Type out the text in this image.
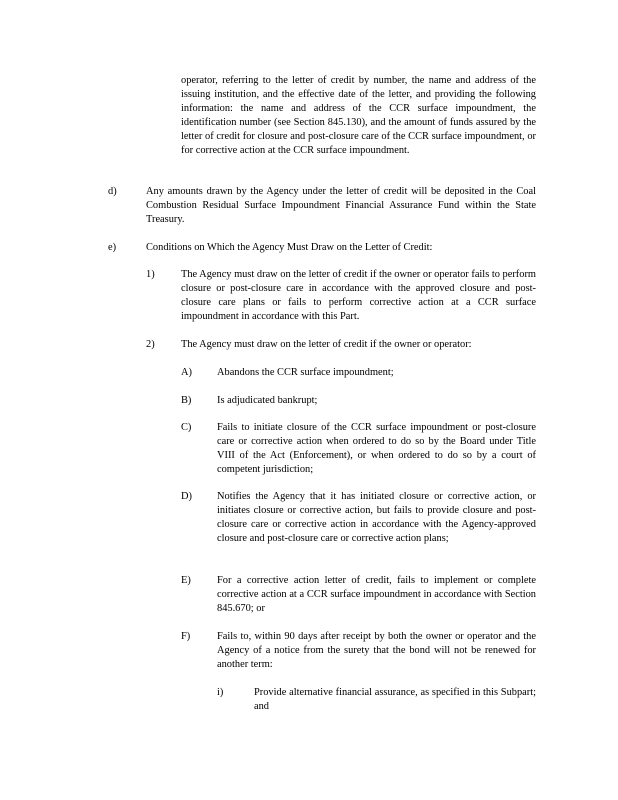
operator, referring to the letter of credit by number, the name and address of the issuing institution, and the effective date of the letter, and providing the following information: the name and address of the CCR surface impoundment, the identification number (see Section 845.130), and the amount of funds assured by the letter of credit for closure and post-closure care of the CCR surface impoundment, or for corrective action at the CCR surface impoundment.

d)	Any amounts drawn by the Agency under the letter of credit will be deposited in the Coal Combustion Residual Surface Impoundment Financial Assurance Fund within the State Treasury.

e)	Conditions on Which the Agency Must Draw on the Letter of Credit:

1)	The Agency must draw on the letter of credit if the owner or operator fails to perform closure or post-closure care in accordance with the approved closure and post-closure care plans or fails to perform corrective action at a CCR surface impoundment in accordance with this Part.

2)	The Agency must draw on the letter of credit if the owner or operator:

A) Abandons the CCR surface impoundment;

B) Is adjudicated bankrupt;

C) Fails to initiate closure of the CCR surface impoundment or post-closure care or corrective action when ordered to do so by the Board under Title VIII of the Act (Enforcement), or when ordered to do so by a court of competent jurisdiction;

D) Notifies the Agency that it has initiated closure or corrective action, or initiates closure or corrective action, but fails to provide closure and post-closure care or corrective action in accordance with the Agency-approved closure and post-closure care or corrective action plans;

E)	For a corrective action letter of credit, fails to implement or complete corrective action at a CCR surface impoundment in accordance with Section 845.670; or

F)	Fails to, within 90 days after receipt by both the owner or operator and the Agency of a notice from the surety that the bond will not be renewed for another term:

i)	Provide alternative financial assurance, as specified in this Subpart; and
